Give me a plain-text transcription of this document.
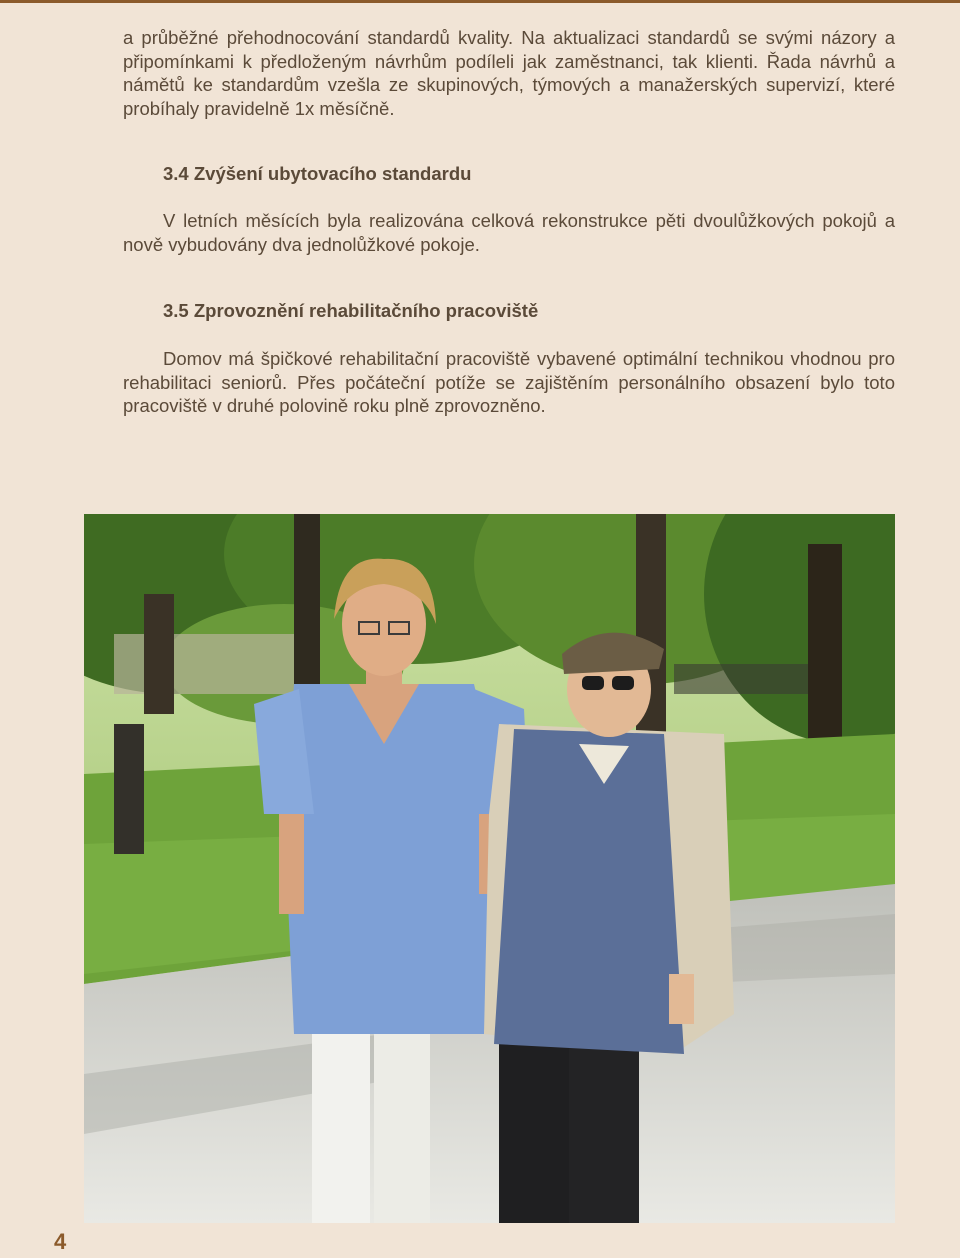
a průběžné přehodnocování standardů kvality. Na aktualizaci standardů se svými názory a připomínkami k předloženým návrhům podíleli jak zaměstnanci, tak klienti. Řada návrhů a námětů ke standardům vzešla ze skupinových, týmových a manažerských supervizí, které probíhaly pravidelně 1x měsíčně.

3.4 Zvýšení ubytovacího standardu

V letních měsících byla realizována celková rekonstrukce pěti dvoulůžkových pokojů a nově vybudovány dva jednolůžkové pokoje.

3.5 Zprovoznění rehabilitačního pracoviště

Domov má špičkové rehabilitační pracoviště vybavené optimální technikou vhodnou pro rehabilitaci seniorů. Přes počáteční potíže se zajištěním personálního obsazení bylo toto pracoviště v druhé polovině roku plně zprovozněno.

4
